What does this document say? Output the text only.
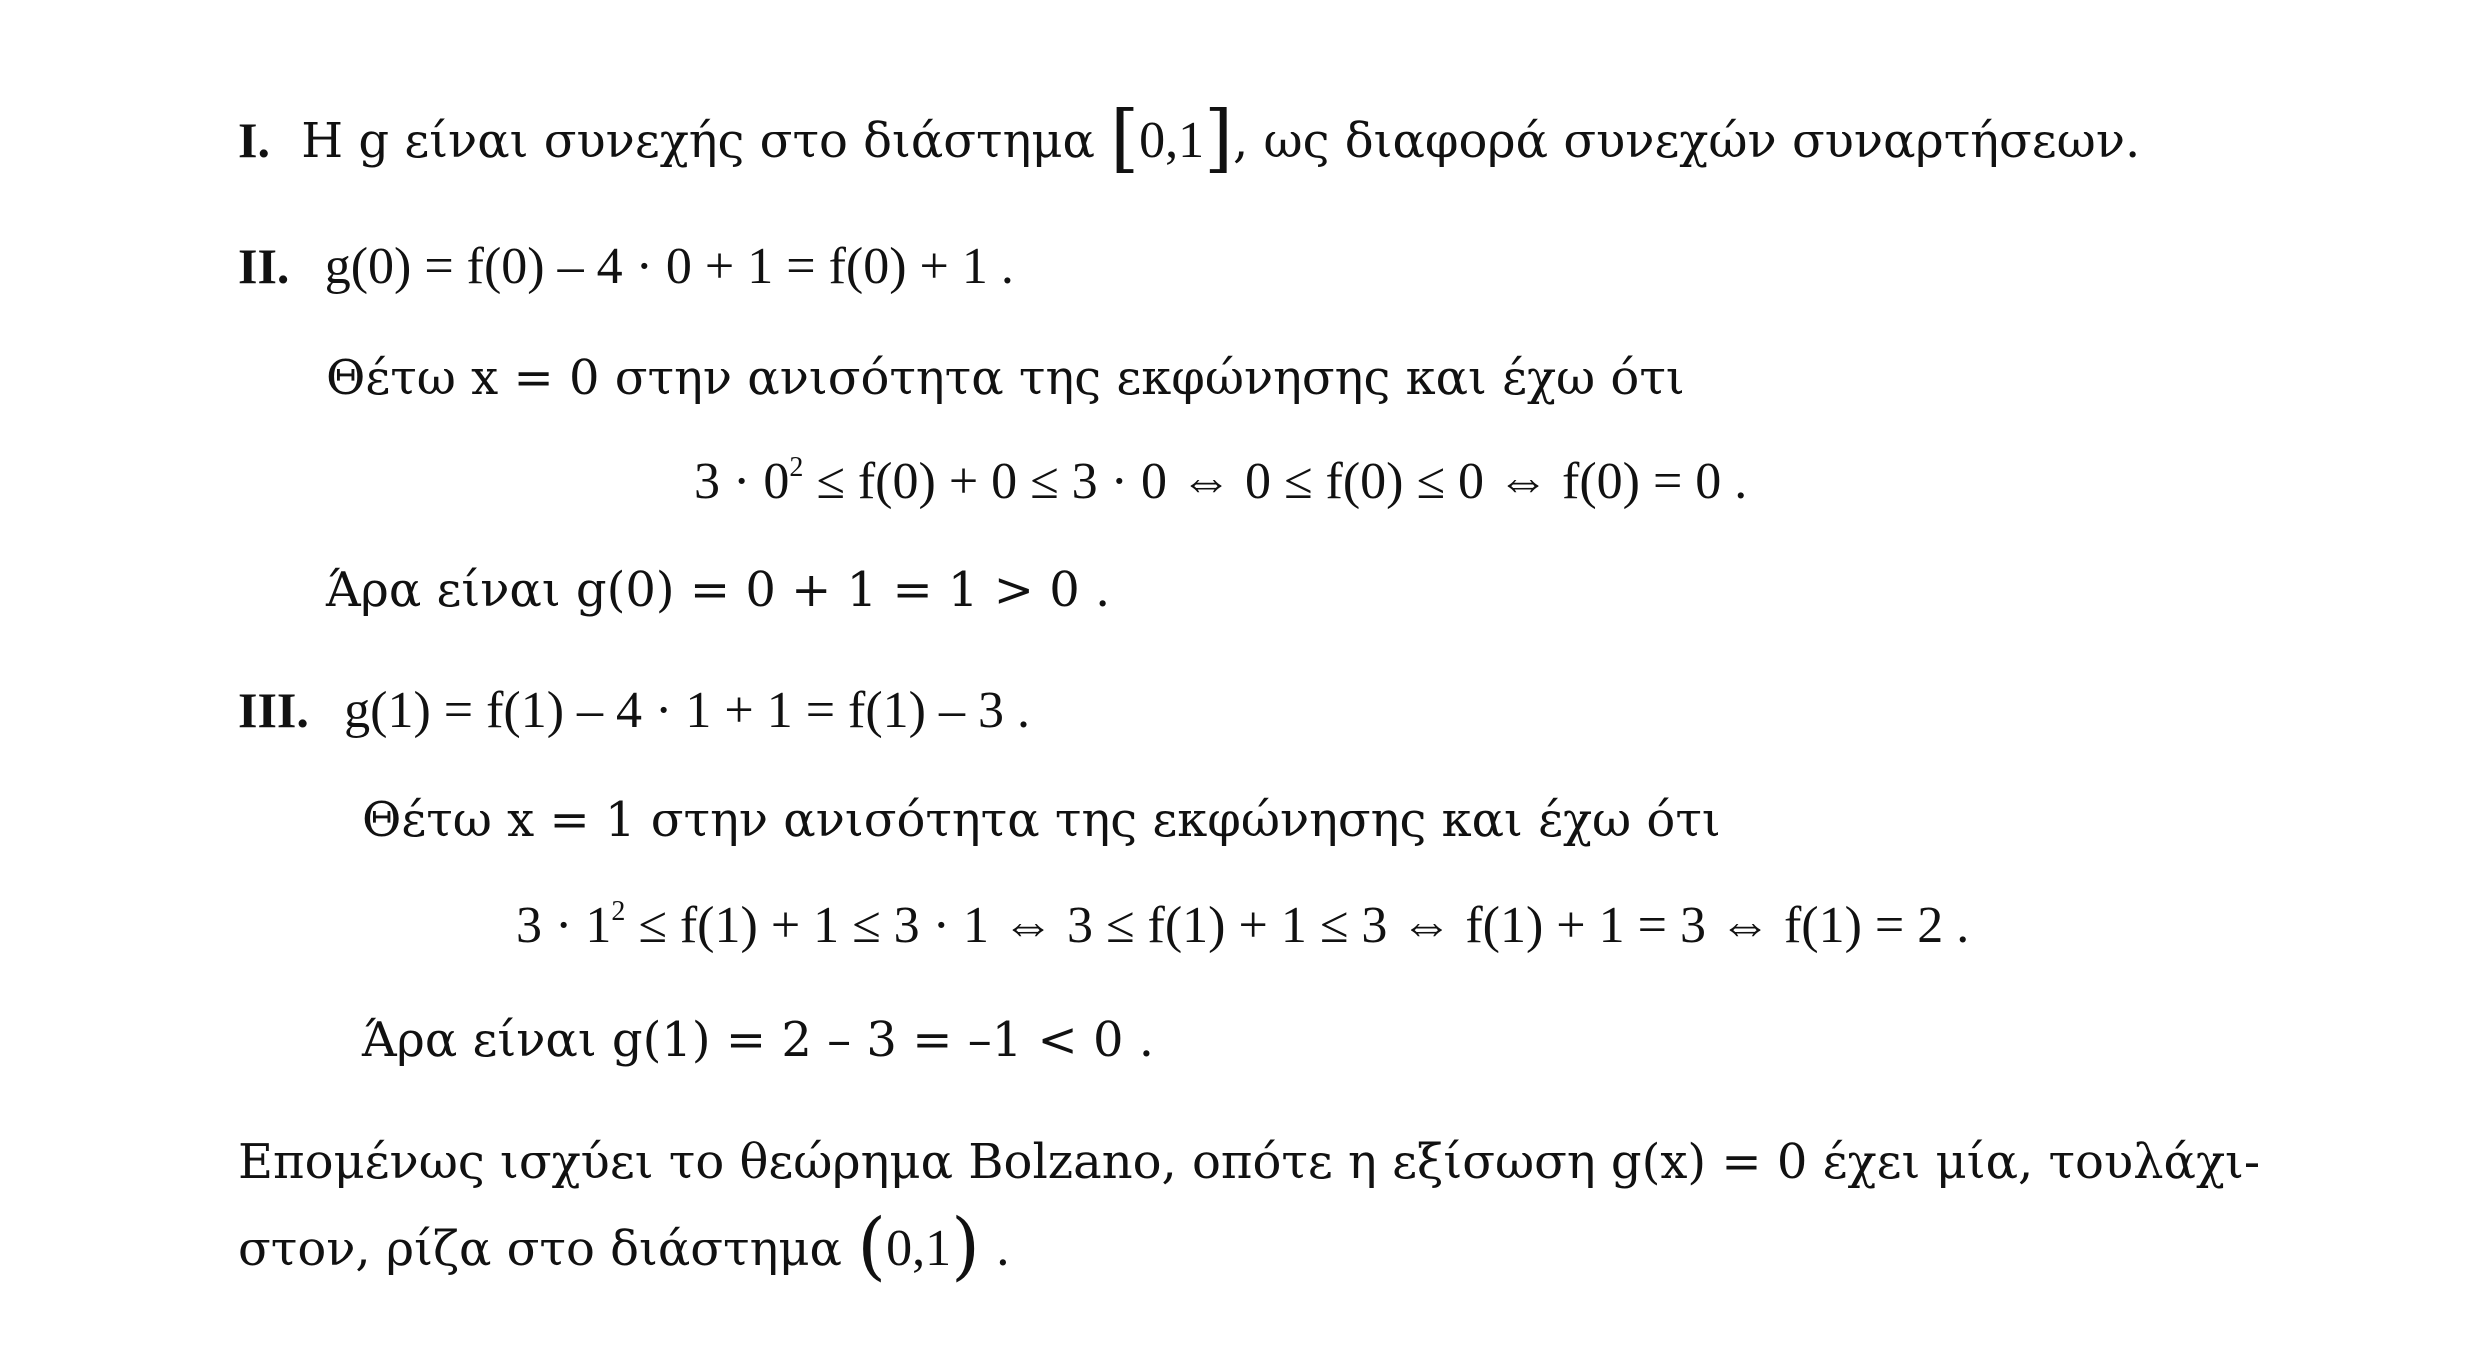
I. Η g είναι συνεχής στο διάστημα [0,1], ως διαφορά συνεχών συναρτήσεων.
II. g(0) = f(0) – 4 · 0 + 1 = f(0) + 1 .
Θέτω x = 0 στην ανισότητα της εκφώνησης και έχω ότι
$3 \cdot 0^2 \le f(0) + 0 \le 3 \cdot 0$ ⇔ 0 ≤ f(0) ≤ 0 ⇔ f(0) = 0 .
Άρα είναι g(0) = 0 + 1 = 1 > 0 .
III. g(1) = f(1) – 4 · 1 + 1 = f(1) – 3 .
Θέτω x = 1 στην ανισότητα της εκφώνησης και έχω ότι
$3 \cdot 1^2 \le f(1) + 1 \le 3 \cdot 1$ ⇔ 3 ≤ f(1) + 1 ≤ 3 ⇔ f(1) + 1 = 3 ⇔ f(1) = 2 .
Άρα είναι g(1) = 2 – 3 = –1 < 0 .
Επομένως ισχύει το θεώρημα Bolzano, οπότε η εξίσωση g(x) = 0 έχει μία, τουλάχι-
στον, ρίζα στο διάστημα (0,1) .
